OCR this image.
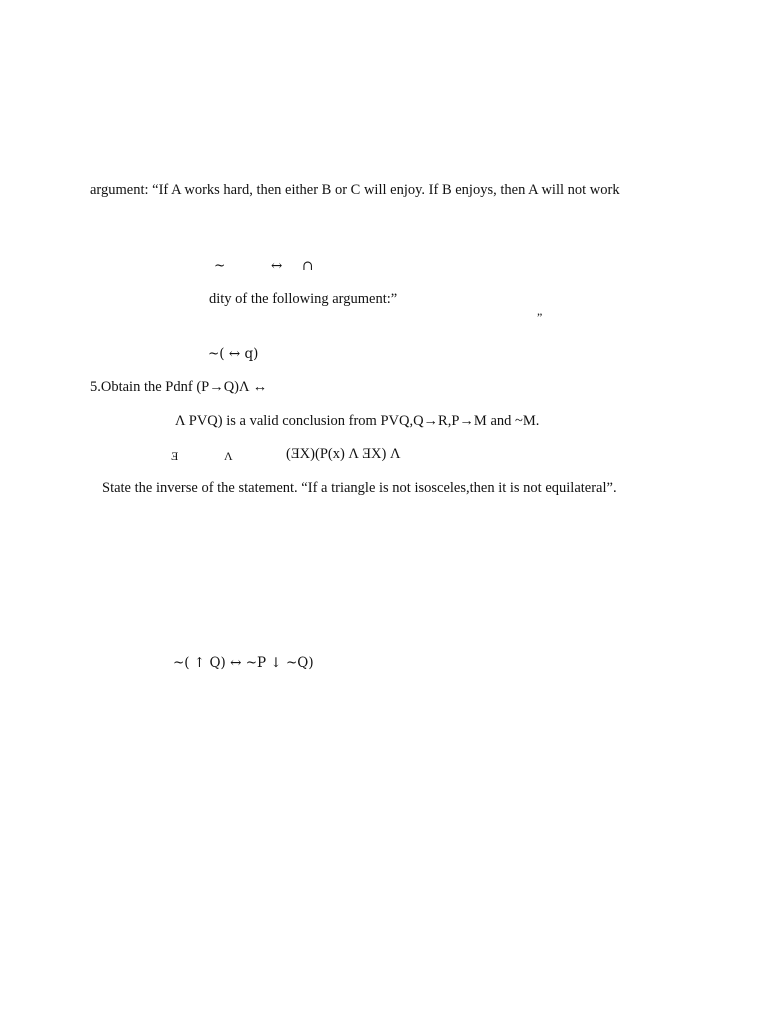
argument: “If A works hard, then either B or C will enjoy. If B enjoys, then A will not work
~	↔ ∩
dity of the following argument:”
”
~( ↔ q)
5.Obtain the Pdnf (P→Q)Λ ↔
Λ PVQ) is a valid conclusion from PVQ,Q→R,P→M and ~M.
Ǝ	Λ	(ƎX)(P(x) Λ ƎX) Λ
State the inverse of the statement. “If a triangle is not isosceles,then it is not equilateral”.
~( ↑ Q) ↔ ~P ↓ ~Q)
